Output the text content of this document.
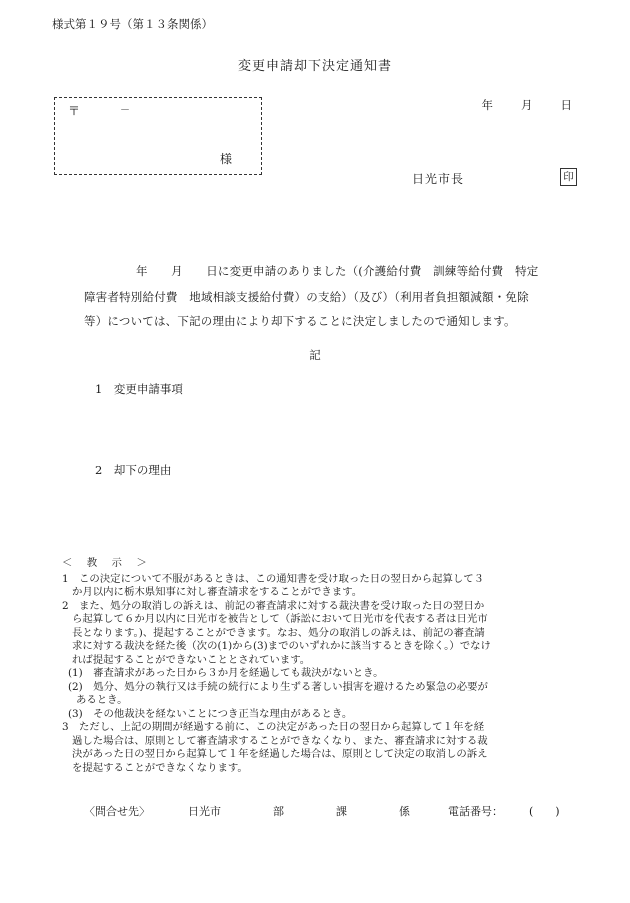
様式第１９号（第１３条関係）
変更申請却下決定通知書
年 月 日
〒	－
様
日光市長	印
年　　月　　日に変更申請のありました（(介護給付費　訓練等給付費　特定
障害者特別給付費　地域相談支援給付費）の支給）（及び）（利用者負担額減額・免除
等）については、下記の理由により却下することに決定しましたので通知します。
記
1　変更申請事項
2　却下の理由
＜　教　示　＞
1　この決定について不服があるときは、この通知書を受け取った日の翌日から起算して３
か月以内に栃木県知事に対し審査請求をすることができます。
2　また、処分の取消しの訴えは、前記の審査請求に対する裁決書を受け取った日の翌日か
ら起算して６か月以内に日光市を被告として（訴訟において日光市を代表する者は日光市
長となります。)、提起することができます。なお、処分の取消しの訴えは、前記の審査請
求に対する裁決を経た後（次の(1)から(3)までのいずれかに該当するときを除く。）でなけ
れば提起することができないこととされています。
(1)　審査請求があった日から３か月を経過しても裁決がないとき。
(2)　処分、処分の執行又は手続の続行により生ずる著しい損害を避けるため緊急の必要が
あるとき。
(3)　その他裁決を経ないことにつき正当な理由があるとき。
3　ただし、上記の期間が経過する前に、この決定があった日の翌日から起算して１年を経
過した場合は、原則として審査請求することができなくなり、また、審査請求に対する裁
決があった日の翌日から起算して１年を経過した場合は、原則として決定の取消しの訴え
を提起することができなくなります。
〈問合せ先〉	日光市	部	課	係	電話番号： (　　)
